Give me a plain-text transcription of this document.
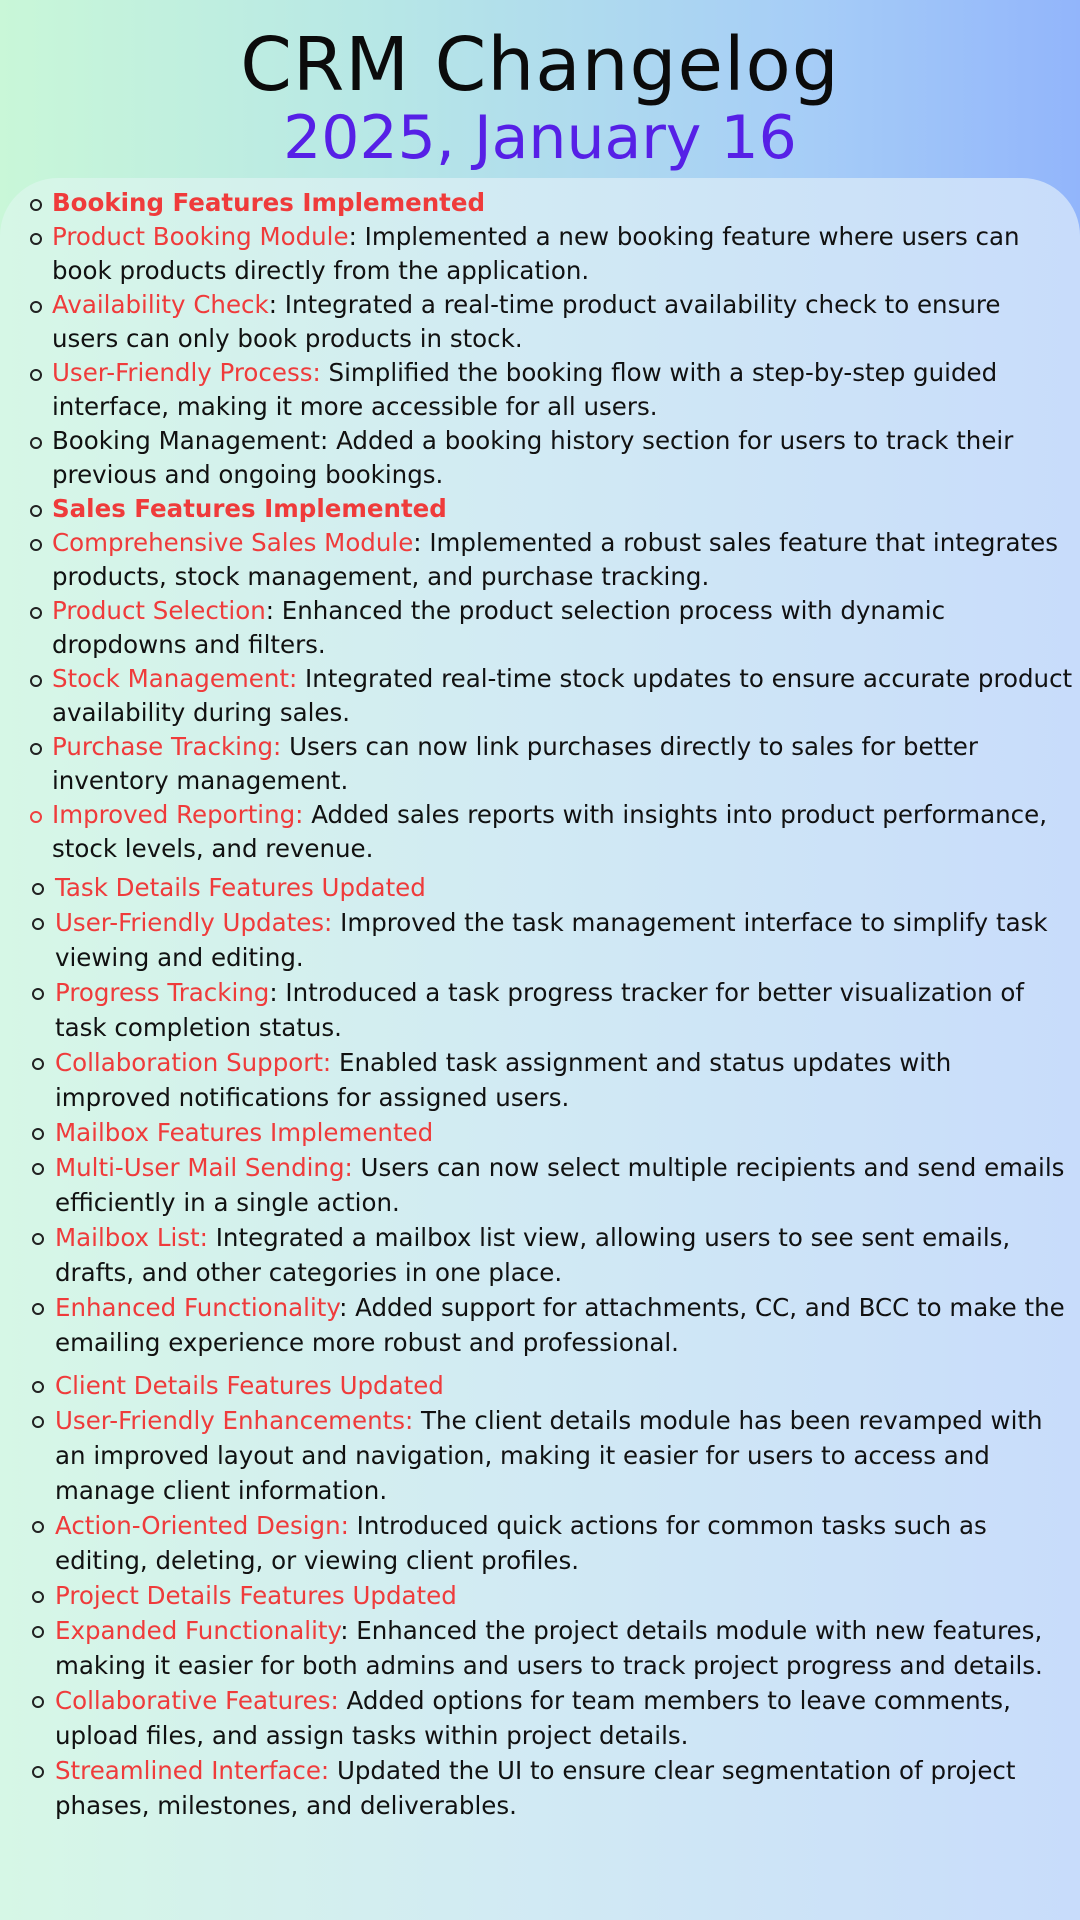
CRM Changelog
2025, January 16
Booking Features Implemented
Product Booking Module: Implemented a new booking feature where users can book products directly from the application.
Availability Check: Integrated a real-time product availability check to ensure users can only book products in stock.
User-Friendly Process: Simplified the booking flow with a step-by-step guided interface, making it more accessible for all users.
Booking Management: Added a booking history section for users to track their previous and ongoing bookings.
Sales Features Implemented
Comprehensive Sales Module: Implemented a robust sales feature that integrates products, stock management, and purchase tracking.
Product Selection: Enhanced the product selection process with dynamic dropdowns and filters.
Stock Management: Integrated real-time stock updates to ensure accurate product availability during sales.
Purchase Tracking: Users can now link purchases directly to sales for better inventory management.
Improved Reporting: Added sales reports with insights into product performance, stock levels, and revenue.
Task Details Features Updated
User-Friendly Updates: Improved the task management interface to simplify task viewing and editing.
Progress Tracking: Introduced a task progress tracker for better visualization of task completion status.
Collaboration Support: Enabled task assignment and status updates with improved notifications for assigned users.
Mailbox Features Implemented
Multi-User Mail Sending: Users can now select multiple recipients and send emails efficiently in a single action.
Mailbox List: Integrated a mailbox list view, allowing users to see sent emails, drafts, and other categories in one place.
Enhanced Functionality: Added support for attachments, CC, and BCC to make the emailing experience more robust and professional.
Client Details Features Updated
User-Friendly Enhancements: The client details module has been revamped with an improved layout and navigation, making it easier for users to access and manage client information.
Action-Oriented Design: Introduced quick actions for common tasks such as editing, deleting, or viewing client profiles.
Project Details Features Updated
Expanded Functionality: Enhanced the project details module with new features, making it easier for both admins and users to track project progress and details.
Collaborative Features: Added options for team members to leave comments, upload files, and assign tasks within project details.
Streamlined Interface: Updated the UI to ensure clear segmentation of project phases, milestones, and deliverables.
